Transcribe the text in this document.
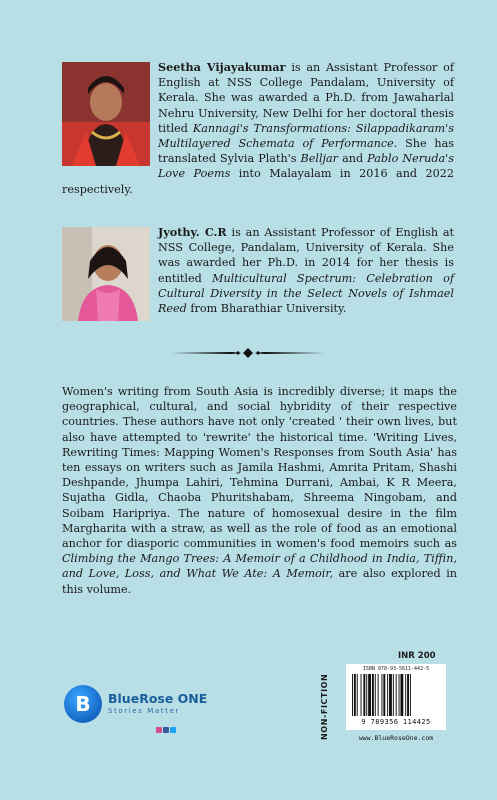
Seetha Vijayakumar is an Assistant Professor of English at NSS College Pandalam, University of Kerala. She was awarded a Ph.D. from Jawaharlal Nehru University, New Delhi for her doctoral thesis titled Kannagi's Transformations: Silappadikaram's Multilayered Schemata of Performance. She has translated Sylvia Plath's Belljar and Pablo Neruda's Love Poems into Malayalam in 2016 and 2022 respectively.

Jyothy. C.R is an Assistant Professor of English at NSS College, Pandalam, University of Kerala. She was awarded her Ph.D. in 2014 for her thesis is entitled Multicultural Spectrum: Celebration of Cultural Diversity in the Select Novels of Ishmael Reed from Bharathiar University.

Women's writing from South Asia is incredibly diverse; it maps the geographical, cultural, and social hybridity of their respective countries. These authors have not only 'created ' their own lives, but also have attempted to 'rewrite' the historical time. 'Writing Lives, Rewriting Times: Mapping Women's Responses from South Asia' has ten essays on writers such as Jamila Hashmi, Amrita Pritam, Shashi Deshpande, Jhumpa Lahiri, Tehmina Durrani, Ambai, K R Meera, Sujatha Gidla, Chaoba Phuritshabam, Shreema Ningobam, and Soibam Haripriya. The nature of homosexual desire in the film Margharita with a straw, as well as the role of food as an emotional anchor for diasporic communities in women's food memoirs such as Climbing the Mango Trees: A Memoir of a Childhood in India, Tiffin, and Love, Loss, and What We Ate: A Memoir, are also explored in this volume.

B	BlueRose ONE
Stories Matter	NON-FICTION
INR 200
ISBN 978-93-5611-442-5
9 789356 114425
www.BlueRoseOne.com
